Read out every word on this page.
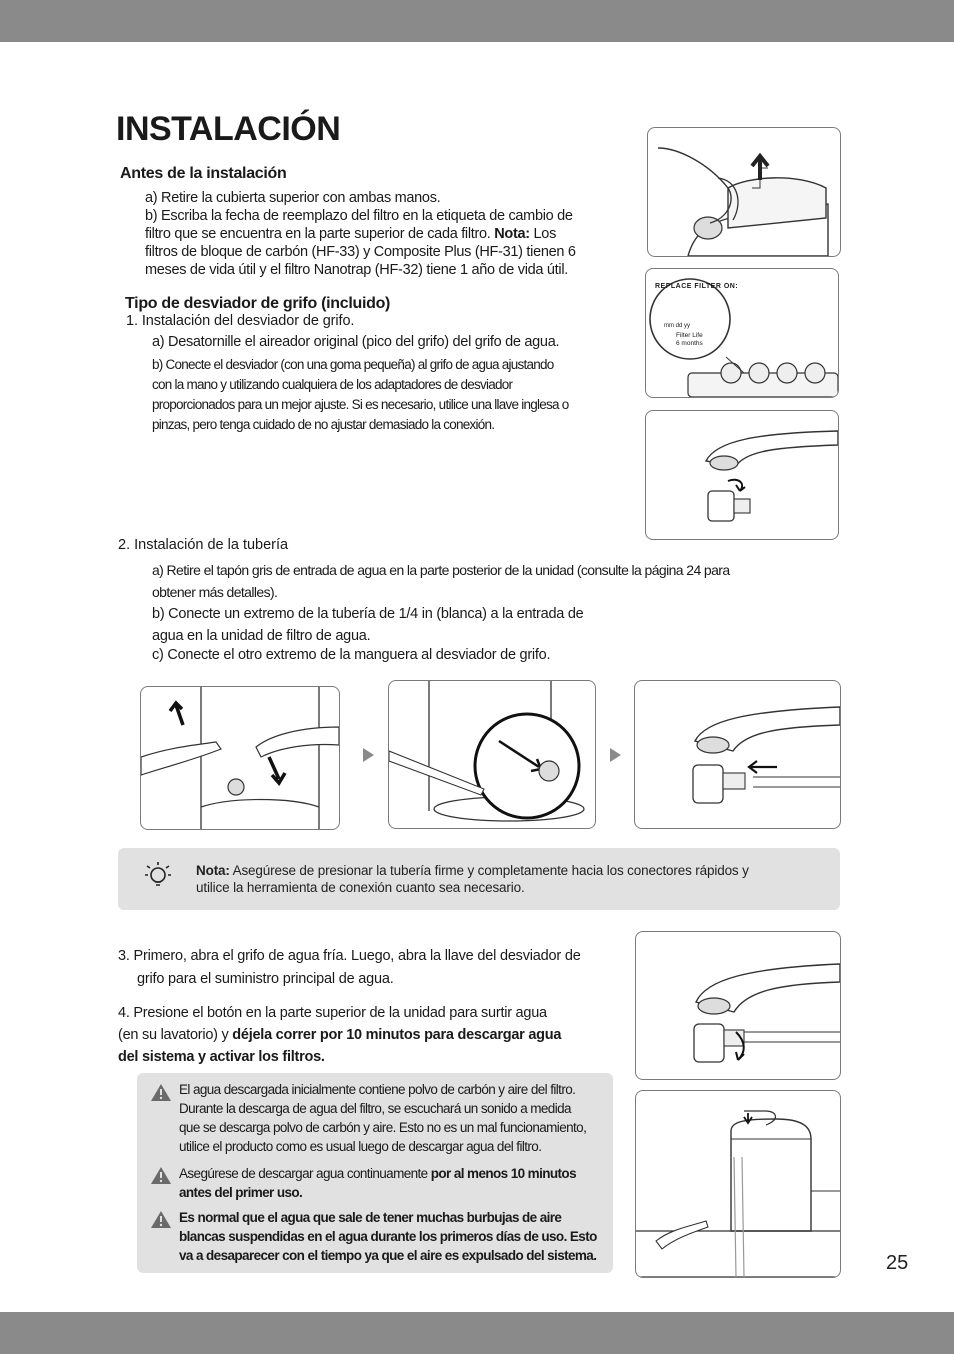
INSTALACIÓN
Antes de la instalación
a) Retire la cubierta superior con ambas manos.
b) Escriba la fecha de reemplazo del filtro en la etiqueta de cambio de
filtro que se encuentra en la parte superior de cada filtro. Nota: Los
filtros de bloque de carbón (HF-33) y Composite Plus (HF-31) tienen 6
meses de vida útil y el filtro Nanotrap (HF-32) tiene 1 año de vida útil.
Tipo de desviador de grifo (incluido)
1. Instalación del desviador de grifo.
a) Desatornille el aireador original (pico del grifo) del grifo de agua.
b) Conecte el desviador (con una goma pequeña) al grifo de agua ajustando
con la mano y utilizando cualquiera de los adaptadores de desviador
proporcionados para un mejor ajuste. Si es necesario, utilice una llave inglesa o
pinzas, pero tenga cuidado de no ajustar demasiado la conexión.
2. Instalación de la tubería
a) Retire el tapón gris de entrada de agua en la parte posterior de la unidad (consulte la página 24 para
obtener más detalles).
b) Conecte un extremo de la tubería de 1/4 in (blanca) a la entrada de
agua en la unidad de filtro de agua.
c) Conecte el otro extremo de la manguera al desviador de grifo.
REPLACE FILTER ON:
mm dd yy
Filter Life
6 months
Nota: Asegúrese de presionar la tubería firme y completamente hacia los conectores rápidos y
utilice la herramienta de conexión cuanto sea necesario.
3. Primero, abra el grifo de agua fría. Luego, abra la llave del desviador de
grifo para el suministro principal de agua.
4. Presione el botón en la parte superior de la unidad para surtir agua
(en su lavatorio) y déjela correr por 10 minutos para descargar agua
del sistema y activar los filtros.
El agua descargada inicialmente contiene polvo de carbón y aire del filtro.
Durante la descarga de agua del filtro, se escuchará un sonido a medida
que se descarga polvo de carbón y aire. Esto no es un mal funcionamiento,
utilice el producto como es usual luego de descargar agua del filtro.
Asegúrese de descargar agua continuamente por al menos 10 minutos
antes del primer uso.
Es normal que el agua que sale de tener muchas burbujas de aire
blancas suspendidas en el agua durante los primeros días de uso. Esto
va a desaparecer con el tiempo ya que el aire es expulsado del sistema.	25
